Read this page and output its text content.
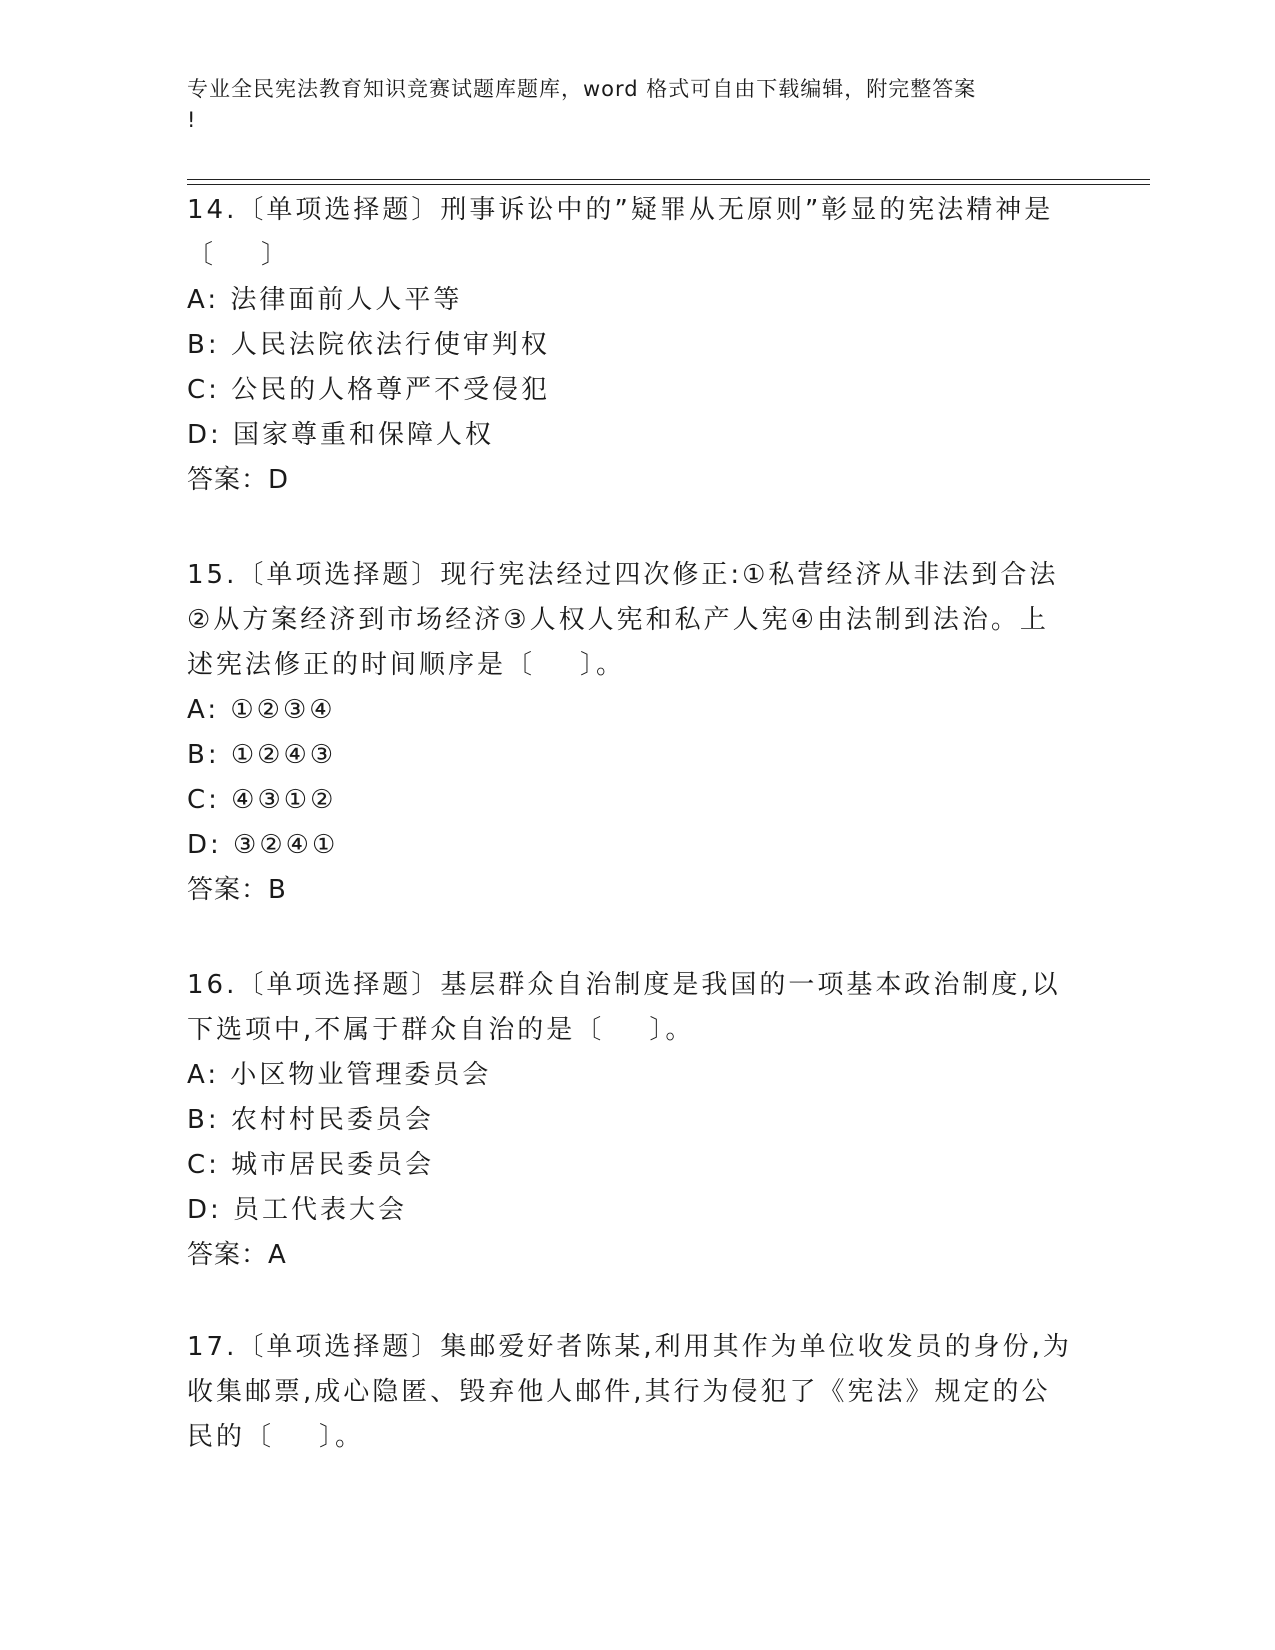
专业全民宪法教育知识竞赛试题库题库，word 格式可自由下载编辑，附完整答案
!

14.〔单项选择题〕刑事诉讼中的”疑罪从无原则”彰显的宪法精神是
〔    〕

A: 法律面前人人平等
B: 人民法院依法行使审判权
C: 公民的人格尊严不受侵犯
D: 国家尊重和保障人权
答案：D

15.〔单项选择题〕现行宪法经过四次修正:①私营经济从非法到合法
②从方案经济到市场经济③人权人宪和私产人宪④由法制到法治。上
述宪法修正的时间顺序是〔    〕。

A: ①②③④
B: ①②④③
C: ④③①②
D: ③②④①
答案：B

16.〔单项选择题〕基层群众自治制度是我国的一项基本政治制度,以
下选项中,不属于群众自治的是〔    〕。

A: 小区物业管理委员会
B: 农村村民委员会
C: 城市居民委员会
D: 员工代表大会
答案：A

17.〔单项选择题〕集邮爱好者陈某,利用其作为单位收发员的身份,为
收集邮票,成心隐匿、毁弃他人邮件,其行为侵犯了《宪法》规定的公
民的〔    〕。
